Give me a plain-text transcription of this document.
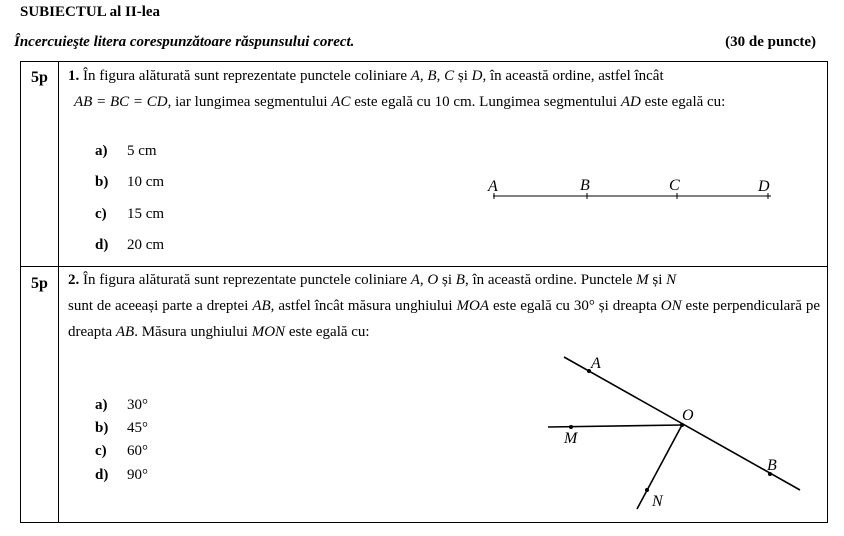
SUBIECTUL al II-lea
Încercuieşte litera corespunzătoare răspunsului corect.	(30 de puncte)
5p 1. În figura alăturată sunt reprezentate punctele coliniare A, B, C și D, în această ordine, astfel încât
AB = BC = CD, iar lungimea segmentului AC este egală cu 10 cm. Lungimea segmentului AD este egală cu:
a) 5 cm
b) 10 cm
c) 15 cm
d) 20 cm
5p 2. În figura alăturată sunt reprezentate punctele coliniare A, O și B, în această ordine. Punctele M și N
sunt de aceeași parte a dreptei AB, astfel încât măsura unghiului MOA este egală cu 30° și dreapta ON este perpendiculară pe dreapta AB. Măsura unghiului MON este egală cu:
a) 30°
b) 45°
c) 60°
d) 90°
A	B	C	D
A
O
M
B
N
